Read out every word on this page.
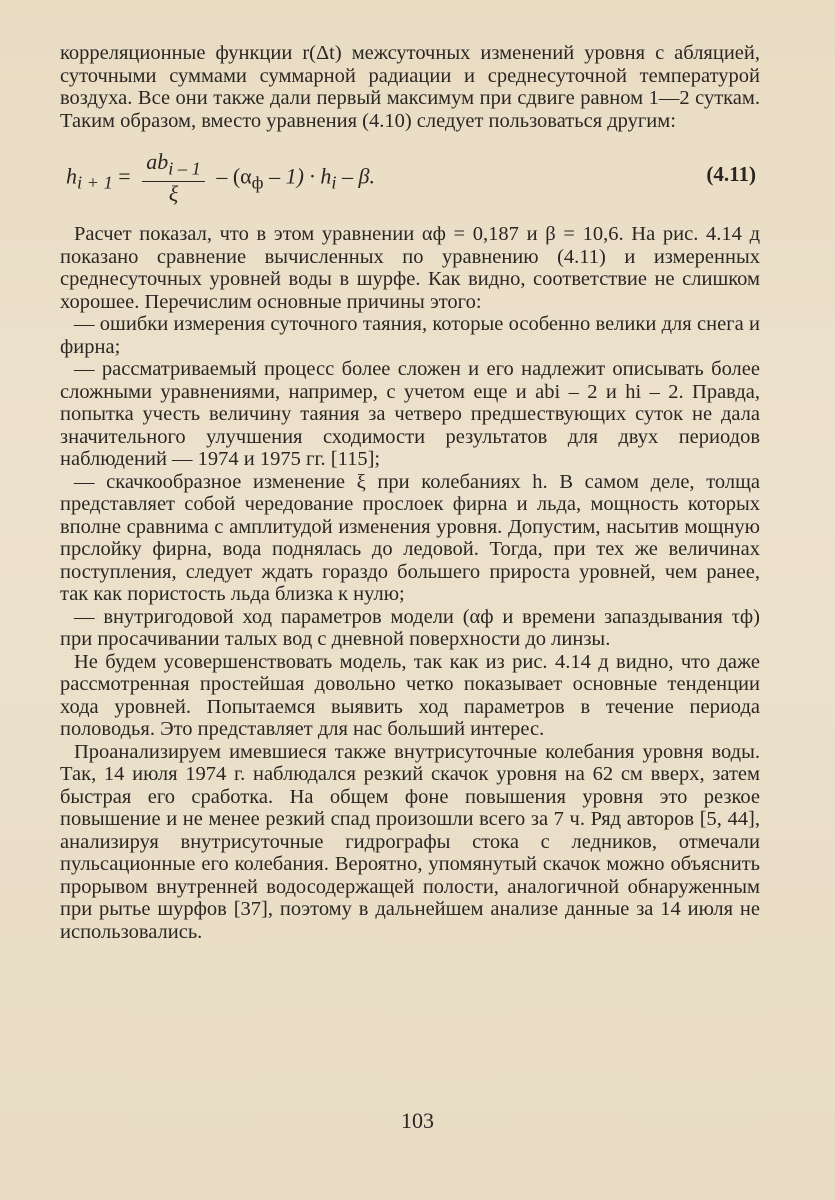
корреляционные функции r(Δt) межсуточных изменений уровня с абляцией, суточными суммами суммарной радиации и среднесуточной температурой воздуха. Все они также дали первый максимум при сдвиге равном 1—2 суткам. Таким образом, вместо уравнения (4.10) следует пользоваться другим:

$h_{i + 1} = \frac{ab_{i - 1}}{\xi} - (\alpha_ф - 1) \cdot h_i - \beta$.	(4.11)

Расчет показал, что в этом уравнении αф = 0,187 и β = 10,6. На рис. 4.14 д показано сравнение вычисленных по уравнению (4.11) и измеренных среднесуточных уровней воды в шурфе. Как видно, соответствие не слишком хорошее. Перечислим основные причины этого:

— ошибки измерения суточного таяния, которые особенно велики для снега и фирна;

— рассматриваемый процесс более сложен и его надлежит описывать более сложными уравнениями, например, с учетом еще и abi – 2 и hi – 2. Правда, попытка учесть величину таяния за четверо предшествующих суток не дала значительного улучшения сходимости результатов для двух периодов наблюдений — 1974 и 1975 гг. [115];

— скачкообразное изменение ξ при колебаниях h. В самом деле, толща представляет собой чередование прослоек фирна и льда, мощность которых вполне сравнима с амплитудой изменения уровня. Допустим, насытив мощную прслойку фирна, вода поднялась до ледовой. Тогда, при тех же величинах поступления, следует ждать гораздо большего прироста уровней, чем ранее, так как пористость льда близка к нулю;

— внутригодовой ход параметров модели (αф и времени запаздывания τф) при просачивании талых вод с дневной поверхности до линзы.

Не будем усовершенствовать модель, так как из рис. 4.14 д видно, что даже рассмотренная простейшая довольно четко показывает основные тенденции хода уровней. Попытаемся выявить ход параметров в течение периода половодья. Это представляет для нас больший интерес.

Проанализируем имевшиеся также внутрисуточные колебания уровня воды. Так, 14 июля 1974 г. наблюдался резкий скачок уровня на 62 см вверх, затем быстрая его сработка. На общем фоне повышения уровня это резкое повышение и не менее резкий спад произошли всего за 7 ч. Ряд авторов [5, 44], анализируя внутрисуточные гидрографы стока с ледников, отмечали пульсационные его колебания. Вероятно, упомянутый скачок можно объяснить прорывом внутренней водосодержащей полости, аналогичной обнаруженным при рытье шурфов [37], поэтому в дальнейшем анализе данные за 14 июля не использовались.

103
